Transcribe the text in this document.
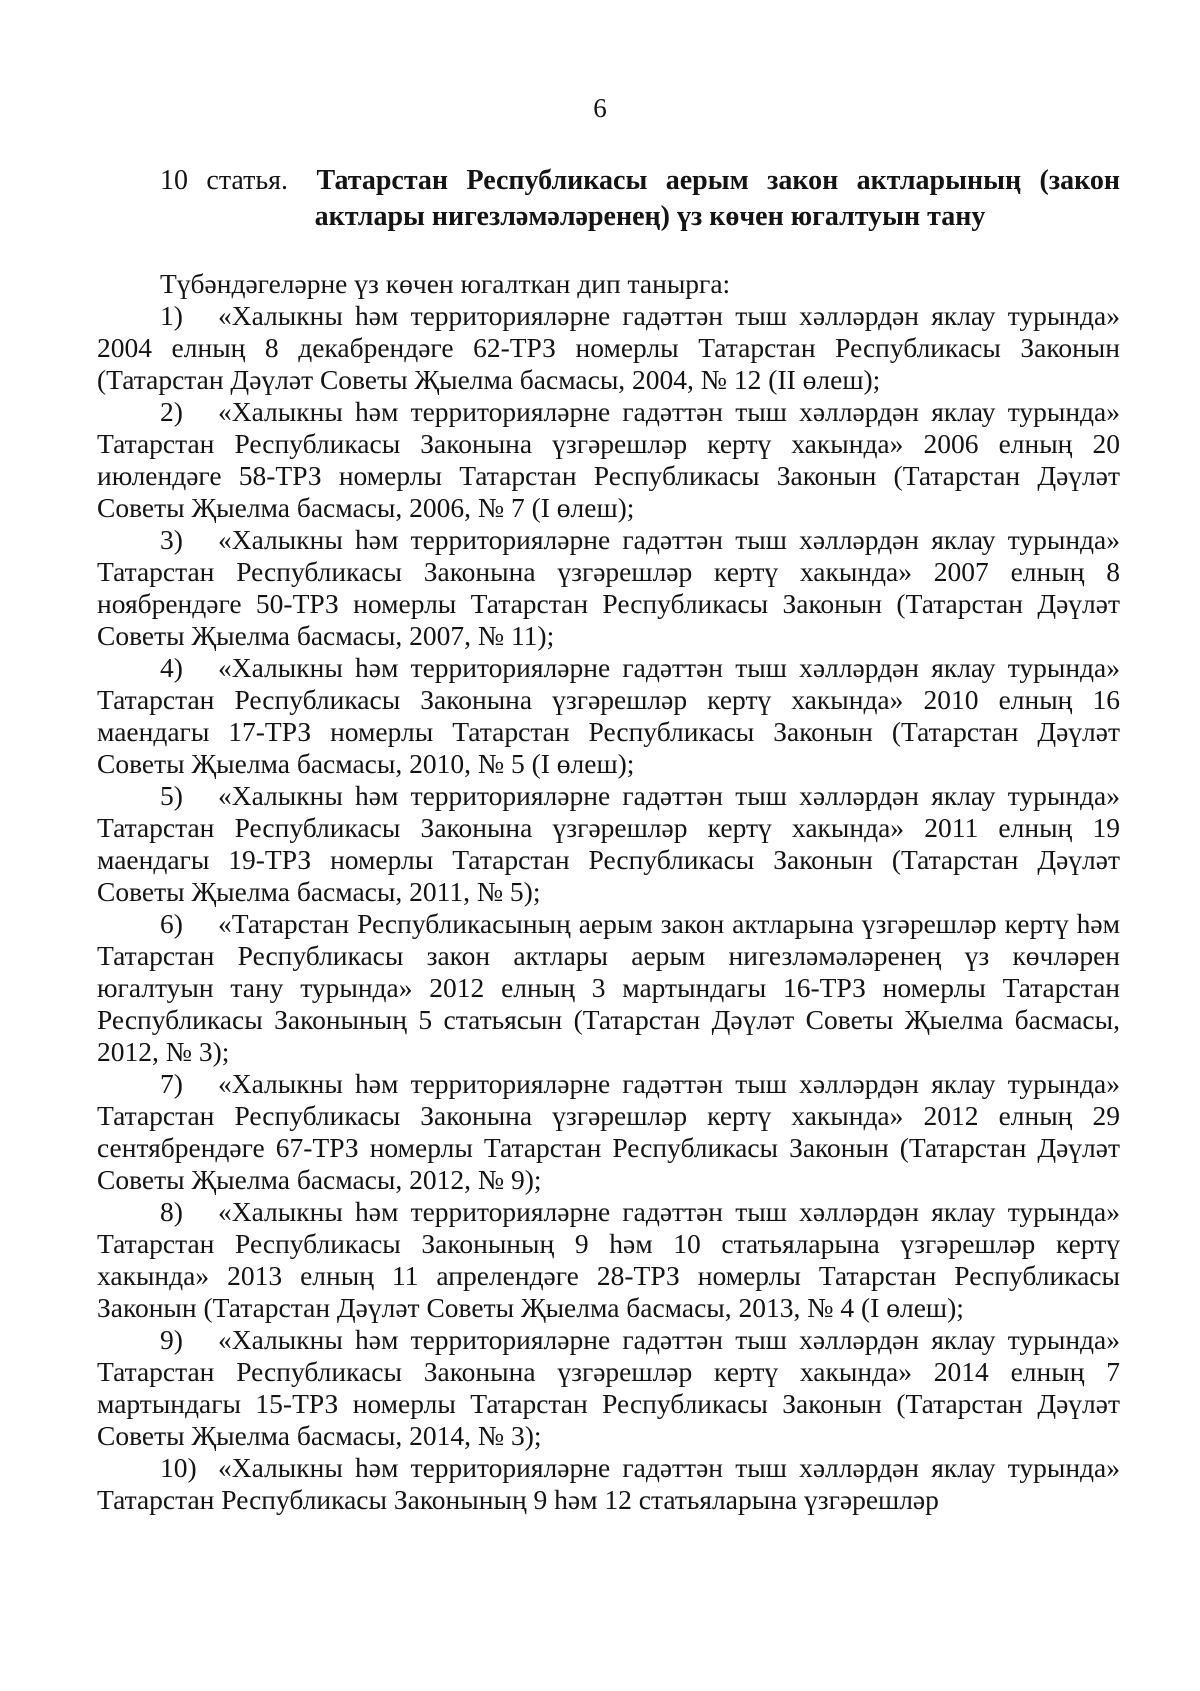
6
10 статья. Татарстан Республикасы аерым закон актларының (закон
актлары нигезләмәләренең) үз көчен югалтуын тану

Түбәндәгеләрне үз көчен югалткан дип танырга:

1) «Халыкны һәм территорияләрне гадәттән тыш хәлләрдән яклау турында» 2004 елның 8 декабрендәге 62-ТРЗ номерлы Татарстан Республикасы Законын (Татарстан Дәүләт Советы Җыелма басмасы, 2004, № 12 (II өлеш);

2) «Халыкны һәм территорияләрне гадәттән тыш хәлләрдән яклау турында» Татарстан Республикасы Законына үзгәрешләр кертү хакында» 2006 елның 20 июлендәге 58-ТРЗ номерлы Татарстан Республикасы Законын (Татарстан Дәүләт Советы Җыелма басмасы, 2006, № 7 (I өлеш);

3) «Халыкны һәм территорияләрне гадәттән тыш хәлләрдән яклау турында» Татарстан Республикасы Законына үзгәрешләр кертү хакында» 2007 елның 8 ноябрендәге 50-ТРЗ номерлы Татарстан Республикасы Законын (Татарстан Дәүләт Советы Җыелма басмасы, 2007, № 11);

4) «Халыкны һәм территорияләрне гадәттән тыш хәлләрдән яклау турында» Татарстан Республикасы Законына үзгәрешләр кертү хакында» 2010 елның 16 маендагы 17-ТРЗ номерлы Татарстан Республикасы Законын (Татарстан Дәүләт Советы Җыелма басмасы, 2010, № 5 (I өлеш);

5) «Халыкны һәм территорияләрне гадәттән тыш хәлләрдән яклау турында» Татарстан Республикасы Законына үзгәрешләр кертү хакында» 2011 елның 19 маендагы 19-ТРЗ номерлы Татарстан Республикасы Законын (Татарстан Дәүләт Советы Җыелма басмасы, 2011, № 5);

6) «Татарстан Республикасының аерым закон актларына үзгәрешләр кертү һәм Татарстан Республикасы закон актлары аерым нигезләмәләренең үз көчләрен югалтуын тану турында» 2012 елның 3 мартындагы 16-ТРЗ номерлы Татарстан Республикасы Законының 5 статьясын (Татарстан Дәүләт Советы Җыелма басмасы, 2012, № 3);

7) «Халыкны һәм территорияләрне гадәттән тыш хәлләрдән яклау турында» Татарстан Республикасы Законына үзгәрешләр кертү хакында» 2012 елның 29 сентябрендәге 67-ТРЗ номерлы Татарстан Республикасы Законын (Татарстан Дәүләт Советы Җыелма басмасы, 2012, № 9);

8) «Халыкны һәм территорияләрне гадәттән тыш хәлләрдән яклау турында» Татарстан Республикасы Законының 9 һәм 10 статьяларына үзгәрешләр кертү хакында» 2013 елның 11 апрелендәге 28-ТРЗ номерлы Татарстан Республикасы Законын (Татарстан Дәүләт Советы Җыелма басмасы, 2013, № 4 (I өлеш);

9) «Халыкны һәм территорияләрне гадәттән тыш хәлләрдән яклау турында» Татарстан Республикасы Законына үзгәрешләр кертү хакында» 2014 елның 7 мартындагы 15-ТРЗ номерлы Татарстан Республикасы Законын (Татарстан Дәүләт Советы Җыелма басмасы, 2014, № 3);

10) «Халыкны һәм территорияләрне гадәттән тыш хәлләрдән яклау турында» Татарстан Республикасы Законының 9 һәм 12 статьяларына үзгәрешләр
